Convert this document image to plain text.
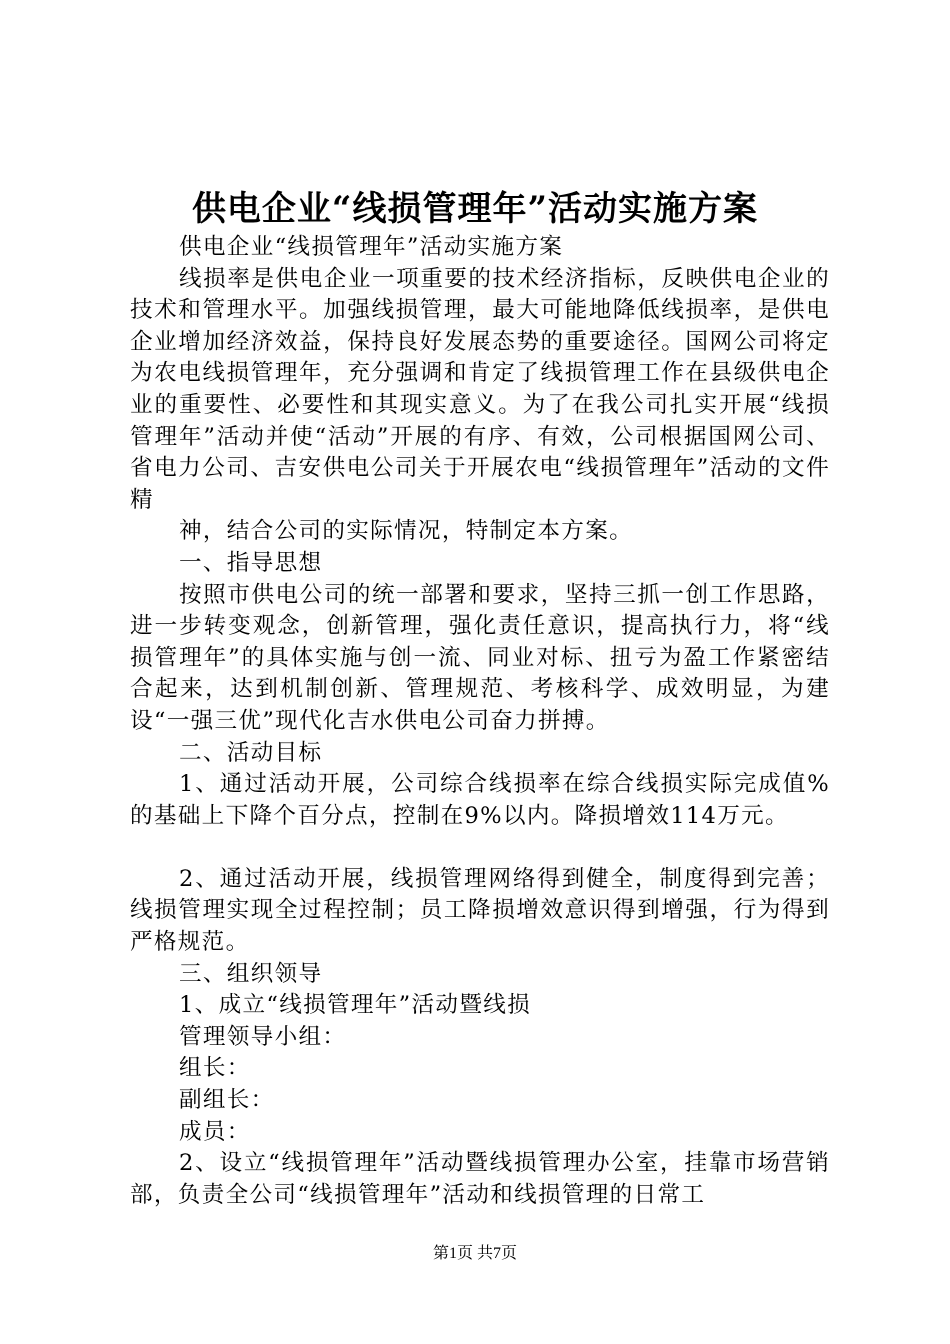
供电企业“线损管理年”活动实施方案

供电企业“线损管理年”活动实施方案

线损率是供电企业一项重要的技术经济指标，反映供电企业的技术和管理水平。加强线损管理，最大可能地降低线损率，是供电企业增加经济效益，保持良好发展态势的重要途径。国网公司将定为农电线损管理年，充分强调和肯定了线损管理工作在县级供电企业的重要性、必要性和其现实意义。为了在我公司扎实开展“线损管理年”活动并使“活动”开展的有序、有效，公司根据国网公司、省电力公司、吉安供电公司关于开展农电“线损管理年”活动的文件精

神，结合公司的实际情况，特制定本方案。

一、指导思想

按照市供电公司的统一部署和要求，坚持三抓一创工作思路，进一步转变观念，创新管理，强化责任意识，提高执行力，将“线损管理年”的具体实施与创一流、同业对标、扭亏为盈工作紧密结合起来，达到机制创新、管理规范、考核科学、成效明显，为建设“一强三优”现代化吉水供电公司奋力拼搏。

二、活动目标

1、通过活动开展，公司综合线损率在综合线损实际完成值%的基础上下降个百分点，控制在9%以内。降损增效114万元。

2、通过活动开展，线损管理网络得到健全，制度得到完善；线损管理实现全过程控制；员工降损增效意识得到增强，行为得到严格规范。

三、组织领导

1、成立“线损管理年”活动暨线损

管理领导小组：

组长：

副组长：

成员：

2、设立“线损管理年”活动暨线损管理办公室，挂靠市场营销部，负责全公司“线损管理年”活动和线损管理的日常工

第1页 共7页
